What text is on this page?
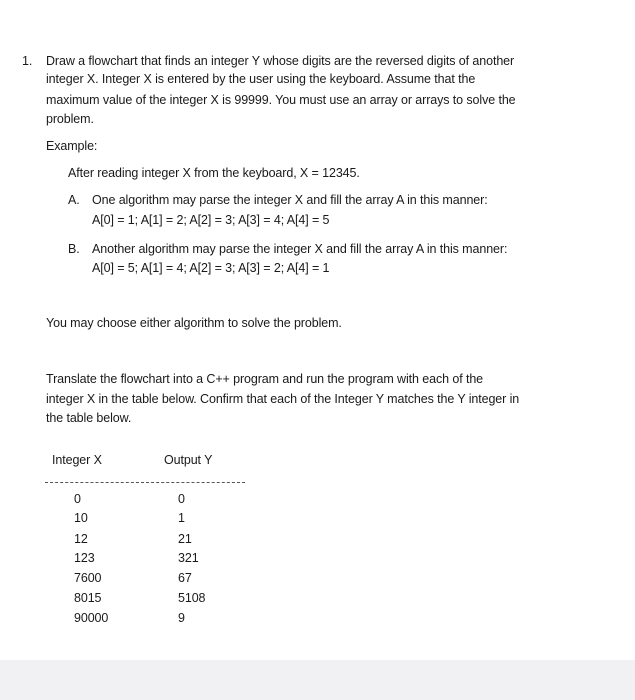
1. Draw a flowchart that finds an integer Y whose digits are the reversed digits of another
integer X. Integer X is entered by the user using the keyboard. Assume that the
maximum value of the integer X is 99999. You must use an array or arrays to solve the
problem.
Example:
After reading integer X from the keyboard, X = 12345.
A. One algorithm may parse the integer X and fill the array A in this manner:
A[0] = 1; A[1] = 2; A[2] = 3; A[3] = 4; A[4] = 5
B. Another algorithm may parse the integer X and fill the array A in this manner:
A[0] = 5; A[1] = 4; A[2] = 3; A[3] = 2; A[4] = 1
You may choose either algorithm to solve the problem.
Translate the flowchart into a C++ program and run the program with each of the
integer X in the table below. Confirm that each of the Integer Y matches the Y integer in
the table below.
Integer X	Output Y
0	0
10	1
12	21
123	321
7600	67
8015	5108
90000	9
